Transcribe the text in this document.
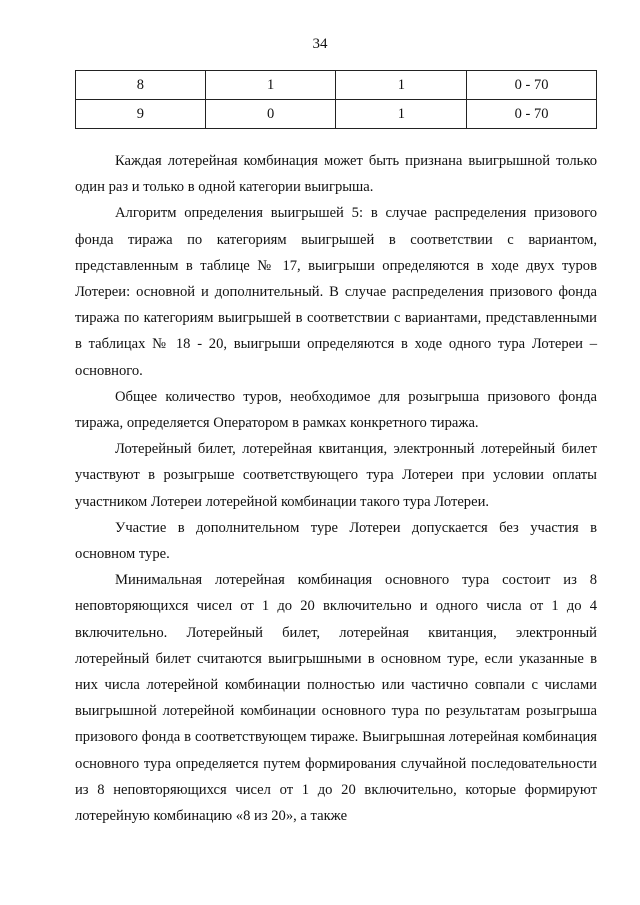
34
8	1	1	0 - 70
9	0	1	0 - 70

Каждая лотерейная комбинация может быть признана выигрышной только один раз и только в одной категории выигрыша.

Алгоритм определения выигрышей 5: в случае распределения призового фонда тиража по категориям выигрышей в соответствии с вариантом, представленным в таблице № 17, выигрыши определяются в ходе двух туров Лотереи: основной и дополнительный. В случае распределения призового фонда тиража по категориям выигрышей в соответствии с вариантами, представленными в таблицах № 18 - 20, выигрыши определяются в ходе одного тура Лотереи – основного.

Общее количество туров, необходимое для розыгрыша призового фонда тиража, определяется Оператором в рамках конкретного тиража.

Лотерейный билет, лотерейная квитанция, электронный лотерейный билет участвуют в розыгрыше соответствующего тура Лотереи при условии оплаты участником Лотереи лотерейной комбинации такого тура Лотереи.

Участие в дополнительном туре Лотереи допускается без участия в основном туре.

Минимальная лотерейная комбинация основного тура состоит из 8 неповторяющихся чисел от 1 до 20 включительно и одного числа от 1 до 4 включительно. Лотерейный билет, лотерейная квитанция, электронный лотерейный билет считаются выигрышными в основном туре, если указанные в них числа лотерейной комбинации полностью или частично совпали с числами выигрышной лотерейной комбинации основного тура по результатам розыгрыша призового фонда в соответствующем тираже. Выигрышная лотерейная комбинация основного тура определяется путем формирования случайной последовательности из 8 неповторяющихся чисел от 1 до 20 включительно, которые формируют лотерейную комбинацию «8 из 20», а также
